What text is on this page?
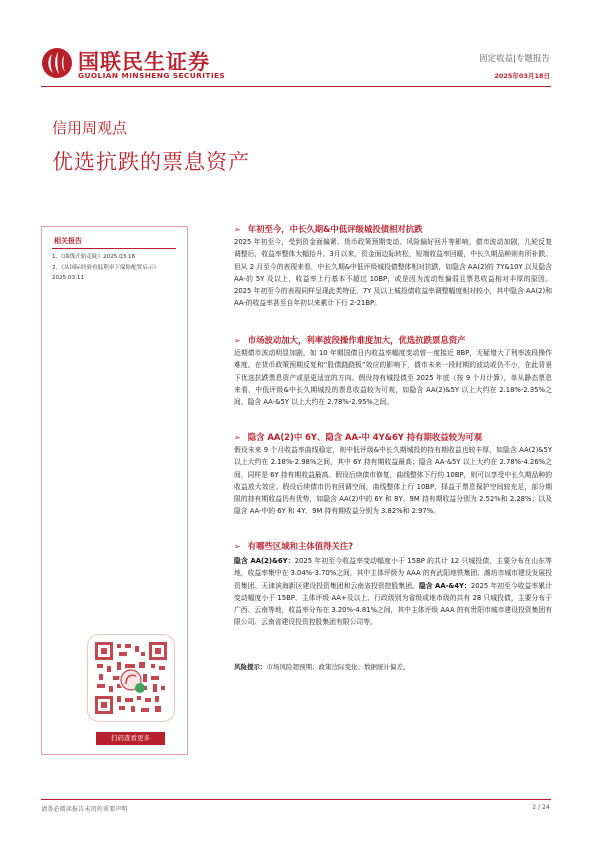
国联民生证券
GUOLIAN MINSHENG SECURITIES
固定收益|专题报告
2025年03月18日
信用周观点
优选抗跌的票息资产
相关报告
1、《曲线开始走陡》2025.03.16
2、《从国际经验看低利率下保险配置启示》
2025.03.11
扫码查看更多
➢ 年初至今，中长久期&中低评级城投债相对抗跌
2025 年初至今，受到资金面偏紧、货币政策预期变动、风险偏好回升等影响，债市波动加剧，几轮反复调整后，收益率整体大幅抬升。3月以来，资金面边际转松，短端收益率回暖，中长久期品种则有所补跌。但从 2 月至今的表现来看，中长久期&中低评级城投债整体相对抗跌，如隐含 AA(2)的 7Y&10Y 以及隐含 AA-的 5Y 及以上，收益率上行基本不超过 10BP，或是因为流动性偏弱且票息收益相对丰厚的原因。2025 年初至今的表现同样呈现此类特征，7Y 及以上城投债收益率调整幅度相对较小，其中隐含 AA(2)和 AA-的收益率甚至自年初以来累计下行 2-21BP。
➢ 市场波动加大，利率波段操作难度加大，优选抗跌票息资产
近期债市波动明显加剧，如 10 年期国债日内收益率幅度变动曾一度接近 8BP，无疑增大了利率波段操作难度。在货币政策预期反复和“股债跷跷板”效应的影响下，债市未来一段时期的波动或仍不小，在此背景下优选抗跌票息资产或是更适宜的方向。假设持有城投债至 2025 年底（按 9 个月计算），单从静态票息来看，中低评级&中长久期城投的票息收益较为可观，如隐含 AA(2)&5Y 以上大约在 2.18%-2.35%之间，隐含 AA-&5Y 以上大约在 2.78%-2.95%之间。
➢ 隐含 AA(2)中 6Y、隐含 AA-中 4Y&6Y 持有期收益较为可观
假设未来 9 个月收益率曲线稳定，则中低评级&中长久期城投的持有期收益也较丰厚，如隐含 AA(2)&5Y 以上大约在 2.18%-2.98%之间，其中 6Y 持有期收益最高；隐含 AA-&5Y 以上大约在 2.78%-4.26%之间，同样是 6Y 持有期收益最高。假设后续债市修复，曲线整体下行约 10BP，则可以享受中长久期品种的收益放大效应。假设后续债市仍有回调空间，曲线整体上行 10BP，择益于票息保护空间较充足，部分期限的持有期收益仍有优势，如隐含 AA(2)中的 6Y 和 8Y、9M 持有期收益分别为 2.52%和 2.28%；以及隐含 AA-中的 6Y 和 4Y、9M 持有期收益分别为 3.82%和 2.97%。
➢ 有哪些区域和主体值得关注?
隐含 AA(2)&6Y：2025 年初至今收益率变动幅度小于 15BP 的共计 12 只城投债，主要分布在山东等地，收益率集中在 3.04%-3.70%之间，其中主体评级为 AAA 的有武阳地铁集团、潍坊市城市建设发展投资集团、天津滨海新区建设投资集团和云南省投资控股集团。隐含 AA-&4Y：2025 年初至今收益率累计变动幅度小于 15BP、主体评级 AA+及以上、行政级别为省级或地市级的共有 28 只城投债，主要分布于广西、云南等地，收益率分布在 3.20%-4.81%之间，其中主体评级 AAA 的有贵阳市城市建设投资集团有限公司、云南省建设投资控股集团有限公司等。
风险提示：市场风险超预期；政策边际变化；数据统计偏差。
请务必阅读报告末页的重要声明	2 / 24
